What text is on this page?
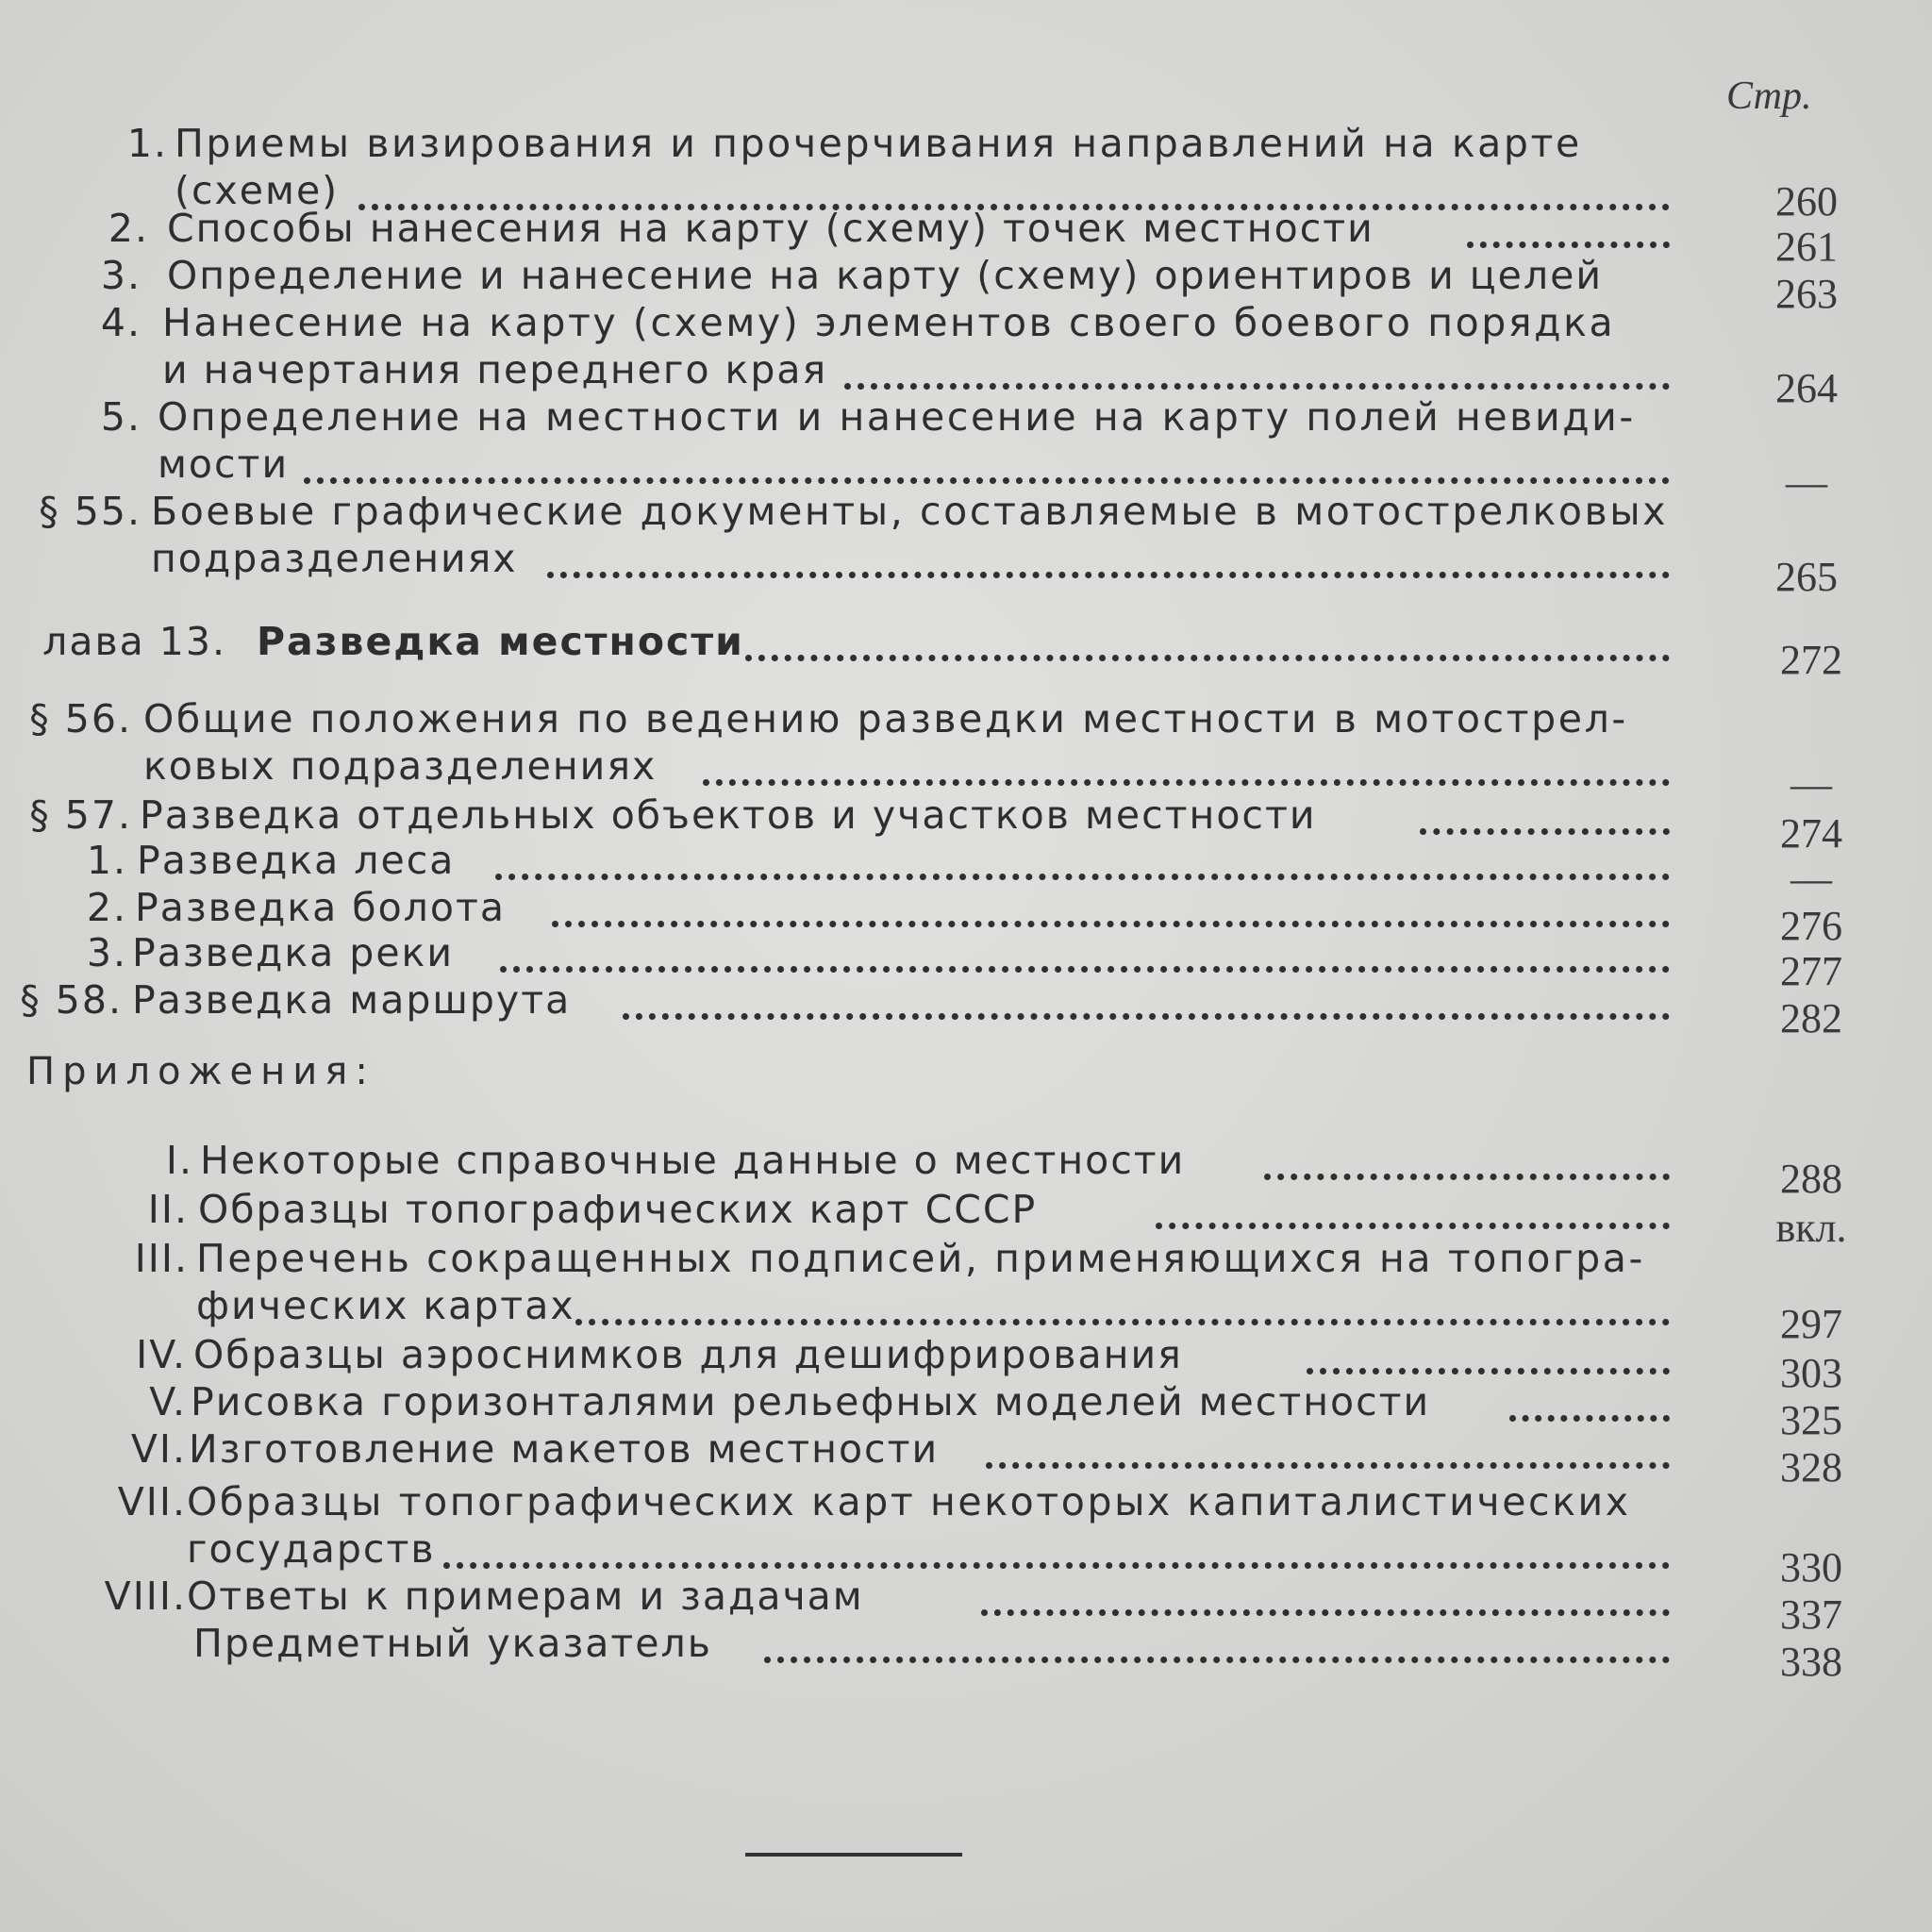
Стр.
Приложения:
1. Приемы визирования и прочерчивания направлений на карте
(схеме)	260
2. Способы нанесения на карту (схему) точек местности	261
3. Определение и нанесение на карту (схему) ориентиров и целей	263
4. Нанесение на карту (схему) элементов своего боевого порядка
и начертания переднего края	264
5. Определение на местности и нанесение на карту полей невиди-
мости	—
§ 55. Боевые графические документы, составляемые в мотострелковых
подразделениях	265
лава 13. Разведка местности	272
§ 56. Общие положения по ведению разведки местности в мотострел-
ковых подразделениях	—
§ 57. Разведка отдельных объектов и участков местности	274
1. Разведка леса	—
2. Разведка болота	276
3. Разведка реки	277
§ 58. Разведка маршрута	282
I. Некоторые справочные данные о местности	288
II. Образцы топографических карт СССР	вкл.
III. Перечень сокращенных подписей, применяющихся на топогра-
фических картах	297
IV. Образцы аэроснимков для дешифрирования	303
V. Рисовка горизонталями рельефных моделей местности	325
VI. Изготовление макетов местности	328
VII. Образцы топографических карт некоторых капиталистических
государств	330
VIII. Ответы к примерам и задачам	337
Предметный указатель	338
